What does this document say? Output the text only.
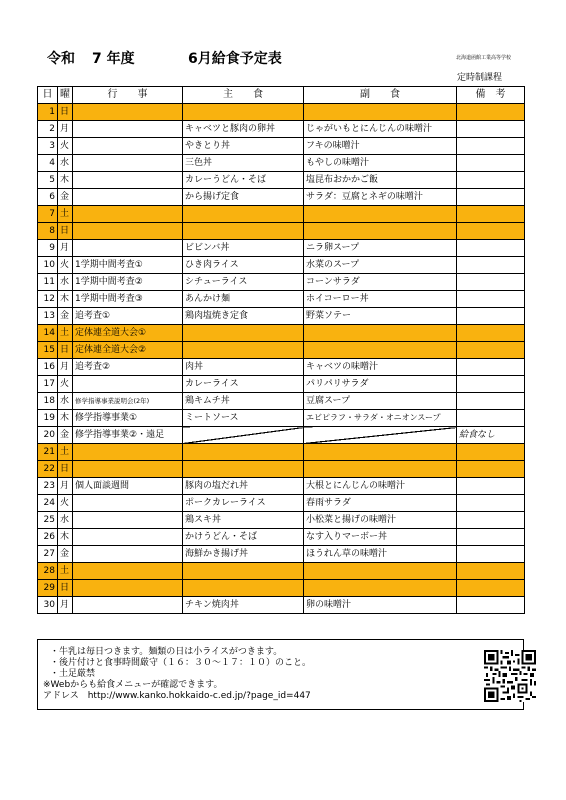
令和 7 年度	6月給食予定表	北海道函館工業高等学校
定時制課程
日	曜	行　　事	主　　食	副　　食	備　考
1	日				
2	月		キャベツと豚肉の卵丼	じゃがいもとにんじんの味噌汁	
3	火		やきとり丼	フキの味噌汁	
4	水		三色丼	もやしの味噌汁	
5	木		カレーうどん・そば	塩昆布おかかご飯	
6	金		から揚げ定食	サラダ：豆腐とネギの味噌汁	
7	土				
8	日				
9	月		ビビンバ丼	ニラ卵スープ	
10	火	1学期中間考査①	ひき肉ライス	水菜のスープ	
11	水	1学期中間考査②	シチューライス	コーンサラダ	
12	木	1学期中間考査③	あんかけ麺	ホイコーロー丼	
13	金	追考査①	鶏肉塩焼き定食	野菜ソテー	
14	土	定体連全道大会①			
15	日	定体連全道大会②			
16	月	追考査②	肉丼	キャベツの味噌汁	
17	火		カレーライス	パリパリサラダ	
18	水	修学指導事業説明会(2年)	鶏キムチ丼	豆腐スープ	
19	木	修学指導事業①	ミートソース	エビピラフ・サラダ・オニオンスープ	
20	金	修学指導事業②・遠足			給食なし
21	土				
22	日				
23	月	個人面談週間	豚肉の塩だれ丼	大根とにんじんの味噌汁	
24	火		ポークカレーライス	春雨サラダ	
25	水		鶏スキ丼	小松菜と揚げの味噌汁	
26	木		かけうどん・そば	なす入りマーボー丼	
27	金		海鮮かき揚げ丼	ほうれん草の味噌汁	
28	土				
29	日				
30	月		チキン焼肉丼	卵の味噌汁	
・牛乳は毎日つきます。麺類の日は小ライスがつきます。
・後片付けと食事時間厳守（１６：３０～１７：１０）のこと。
・土足厳禁
※Webからも給食メニューが確認できます。
アドレス　http://www.kanko.hokkaido-c.ed.jp/?page_id=447
